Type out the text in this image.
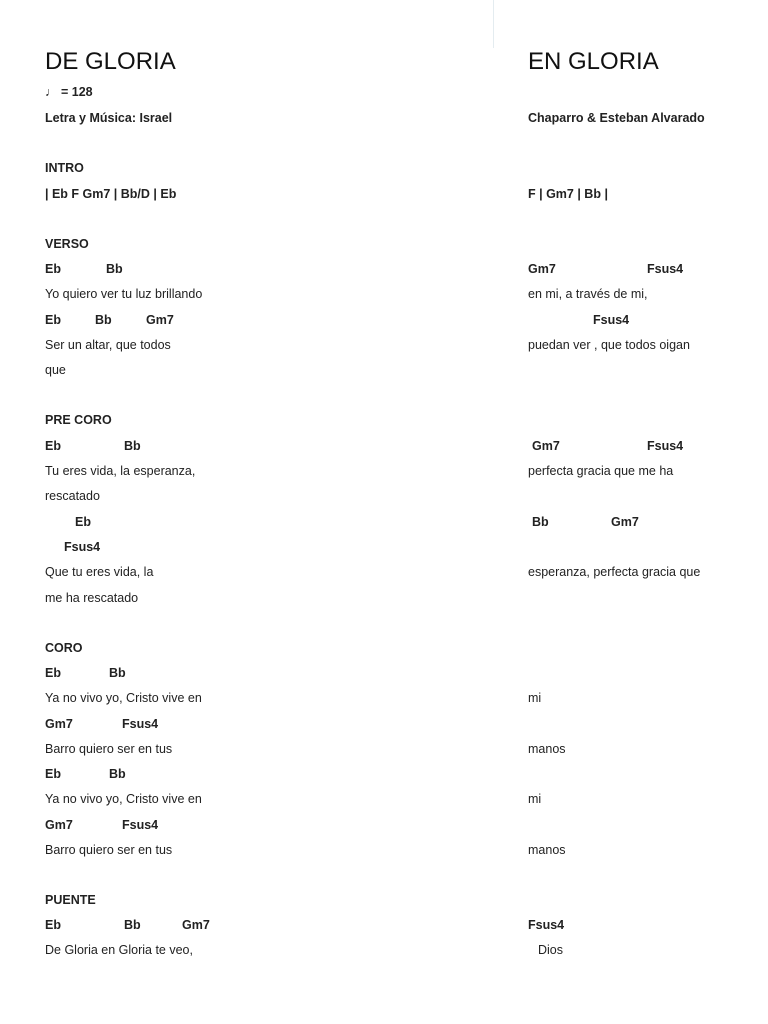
DE GLORIA	EN GLORIA
♩ = 128
Letra y Música: Israel	Chaparro & Esteban Alvarado
INTRO
| Eb F Gm7 | Bb/D | Eb	F | Gm7 | Bb |
VERSO
Eb	Bb	Gm7	Fsus4
Yo quiero ver tu luz brillando	en mi, a través de mi,
Eb	Bb	Gm7	Fsus4
Ser un altar, que todos	puedan ver , que todos oigan
que
PRE CORO
Eb	Bb	Gm7	Fsus4
Tu eres vida, la esperanza,	perfecta gracia que me ha
rescatado
Eb	Bb	Gm7
Fsus4
Que tu eres vida, la	esperanza, perfecta gracia que
me ha rescatado
CORO
Eb	Bb
Ya no vivo yo, Cristo vive en	mi
Gm7	Fsus4
Barro quiero ser en tus	manos
Eb	Bb
Ya no vivo yo, Cristo vive en	mi
Gm7	Fsus4
Barro quiero ser en tus	manos
PUENTE
Eb	Bb	Gm7	Fsus4
De Gloria en Gloria te veo,	Dios
